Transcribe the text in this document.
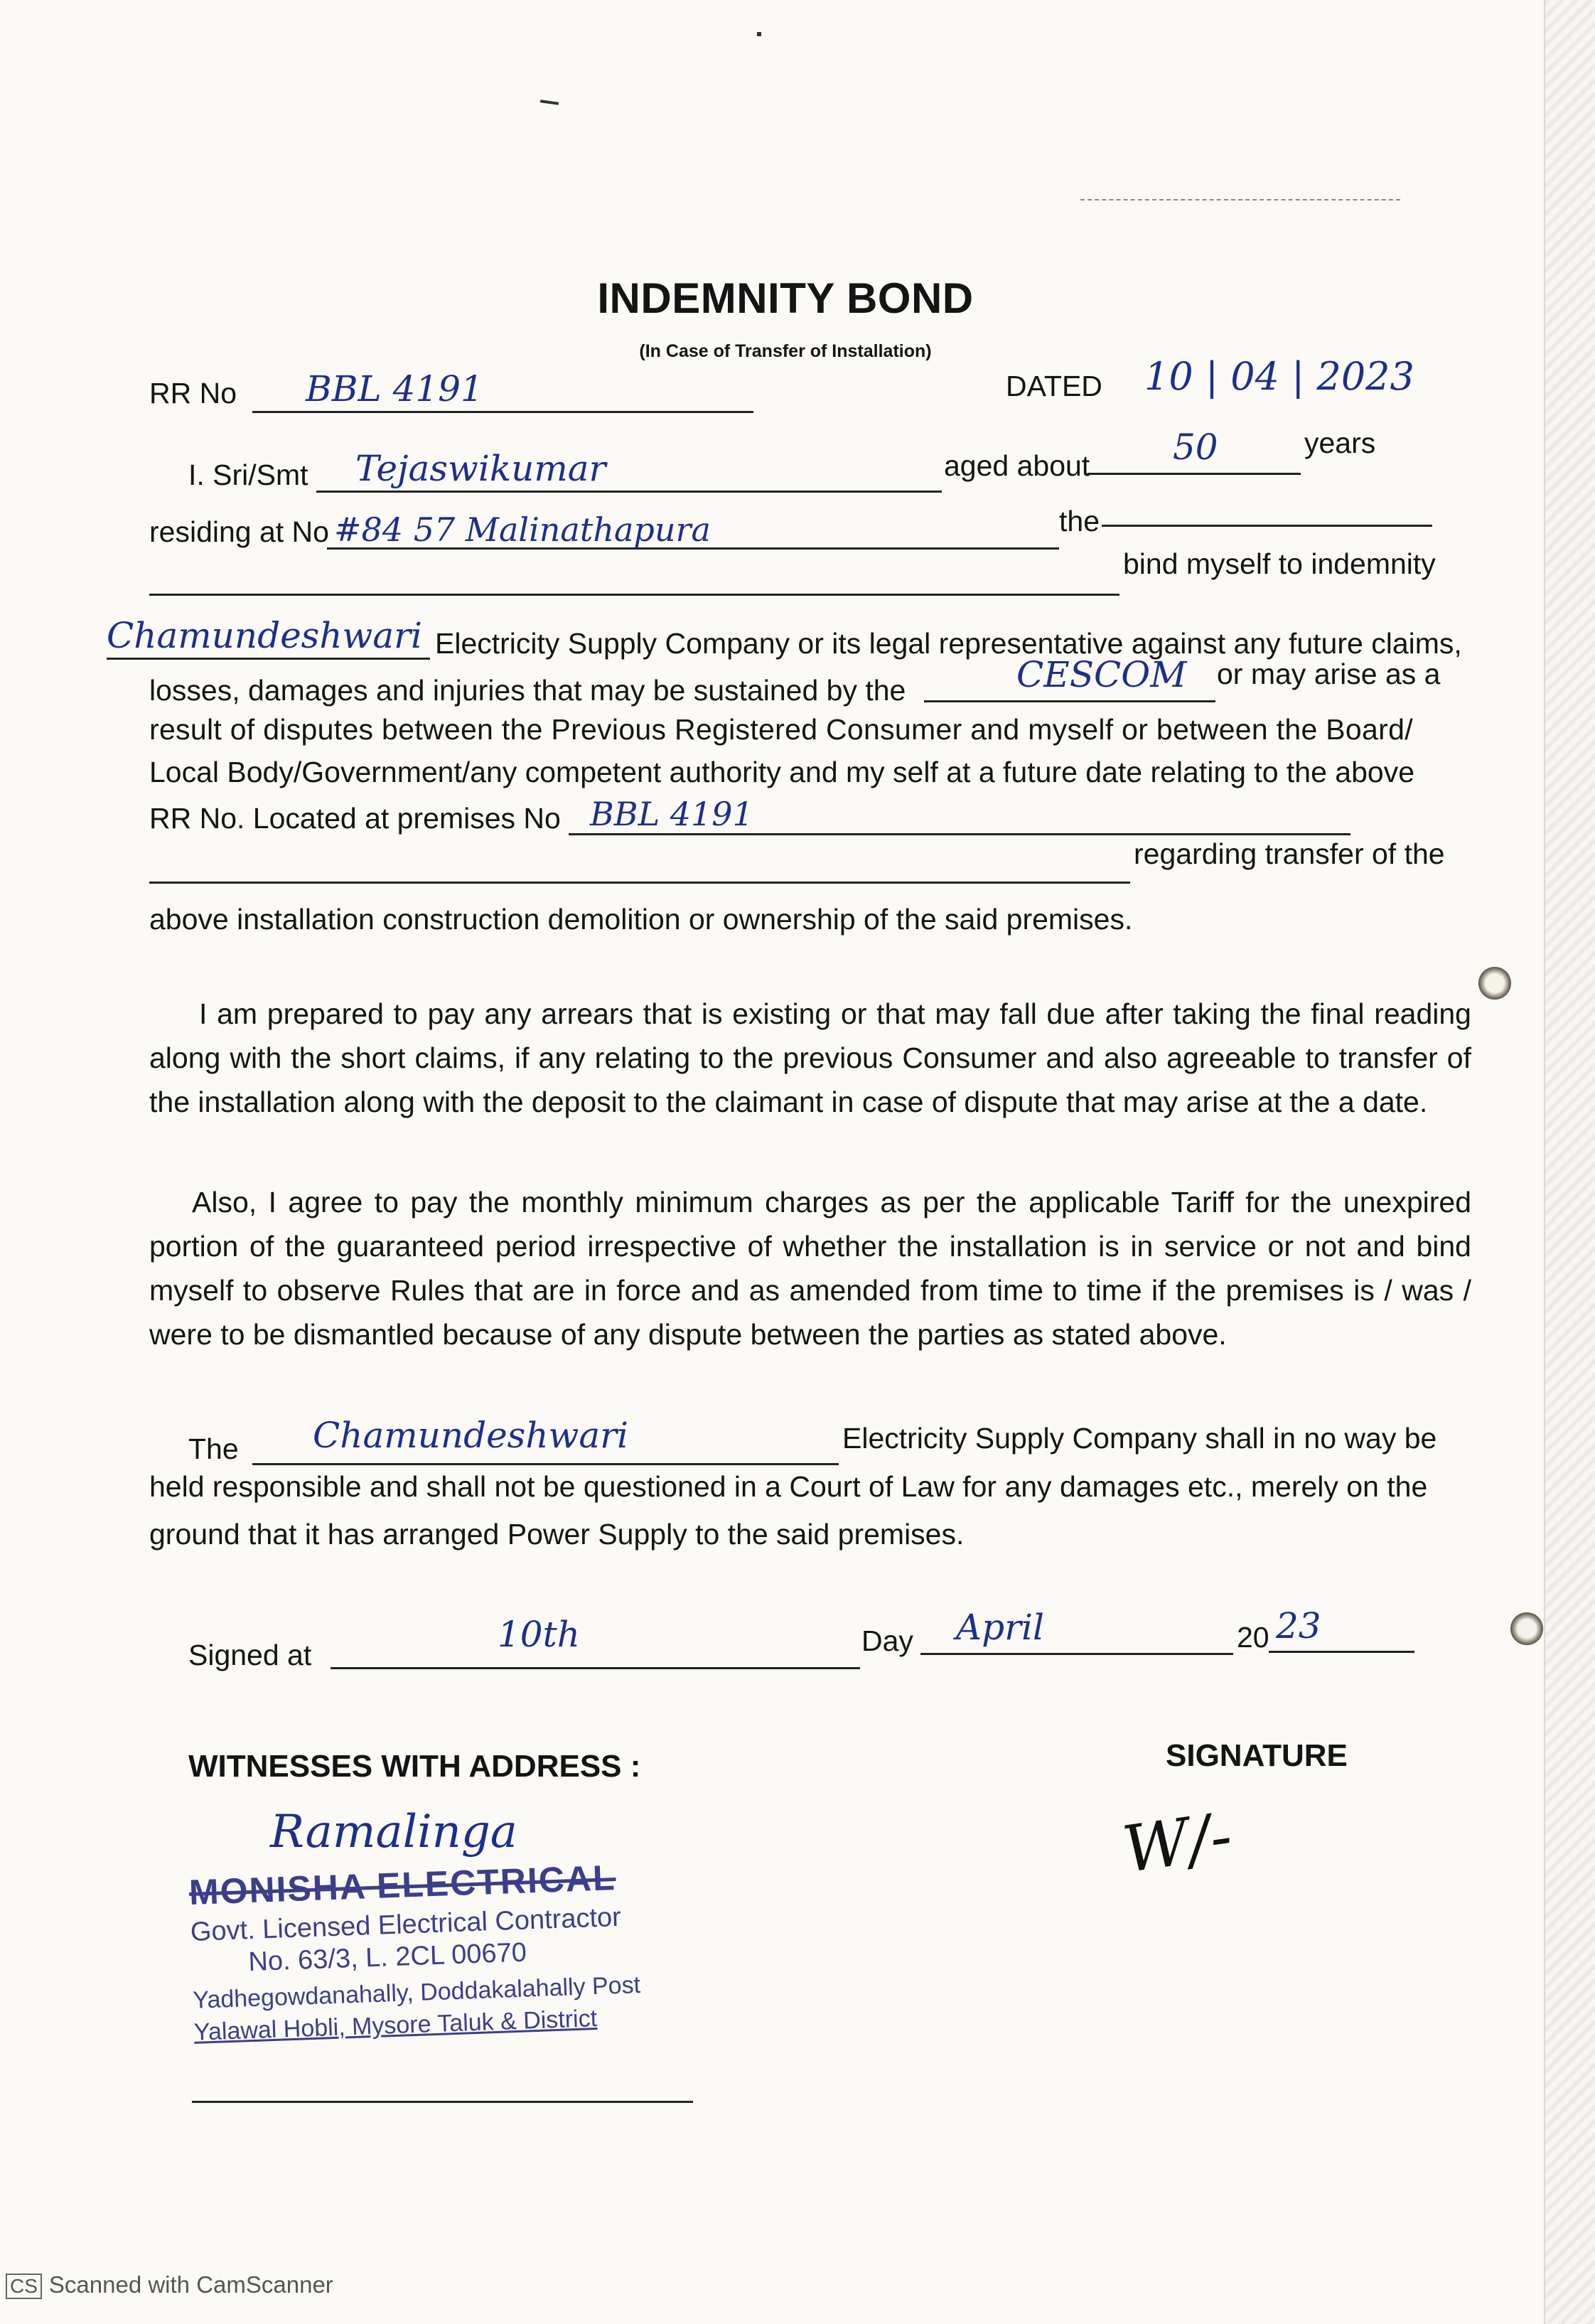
INDEMNITY BOND
(In Case of Transfer of Installation)
RR No BBL 4191	DATED 10 | 04 | 2023
I. Sri/Smt Tejaswikumar	aged about 50	years
residing at No #84 57 Malinathapura	the
bind myself to indemnity
Chamundeshwari Electricity Supply Company or its legal representative against any future claims,
losses, damages and injuries that may be sustained by the	CESCOM or may arise as a
result of disputes between the Previous Registered Consumer and myself or between the Board/
Local Body/Government/any competent authority and my self at a future date relating to the above
RR No. Located at premises No BBL 4191
regarding transfer of the
above installation construction demolition or ownership of the said premises.
I am prepared to pay any arrears that is existing or that may fall due after taking the final reading along with the short claims, if any relating to the previous Consumer and also agreeable to transfer of the installation along with the deposit to the claimant in case of dispute that may arise at the a date.
Also, I agree to pay the monthly minimum charges as per the applicable Tariff for the unexpired portion of the guaranteed period irrespective of whether the installation is in service or not and bind myself to observe Rules that are in force and as amended from time to time if the premises is / was / were to be dismantled because of any dispute between the parties as stated above.
The Chamundeshwari	Electricity Supply Company shall in no way be
held responsible and shall not be questioned in a Court of Law for any damages etc., merely on the
ground that it has arranged Power Supply to the said premises.
Signed at	10th	Day April	20 23
WITNESSES WITH ADDRESS :	SIGNATURE
Ramalinga
MONISHA ELECTRICAL
Govt. Licensed Electrical Contractor
No. 63/3, L. 2CL 00670
Yadhegowdanahally, Doddakalahally Post
Yalawal Hobli, Mysore Taluk & District
W/-
CS Scanned with CamScanner
